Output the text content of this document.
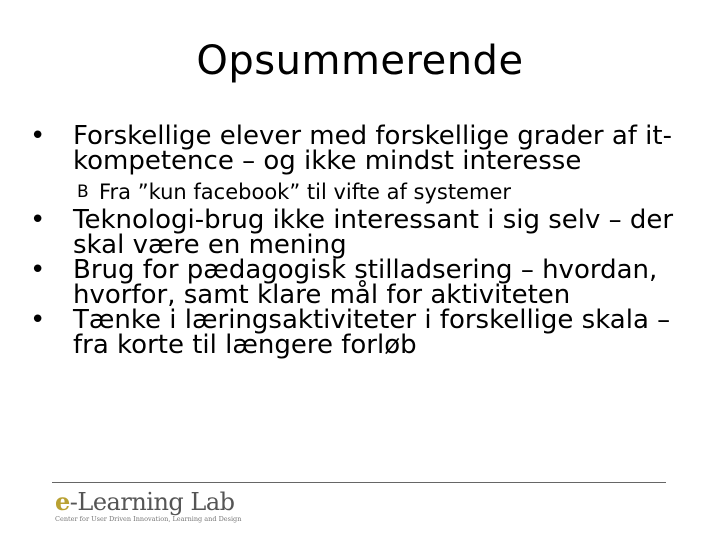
Opsummerende
•	Forskellige elever med forskellige grader af it-kompetence – og ikke mindst interesse
B Fra ”kun facebook” til vifte af systemer
•	Teknologi-brug ikke interessant i sig selv – der skal være en mening
•	Brug for pædagogisk stilladsering – hvordan, hvorfor, samt klare mål for aktiviteten
•	Tænke i læringsaktiviteter i forskellige skala – fra korte til længere forløb
e-Learning Lab
Center for User Driven Innovation, Learning and Design
